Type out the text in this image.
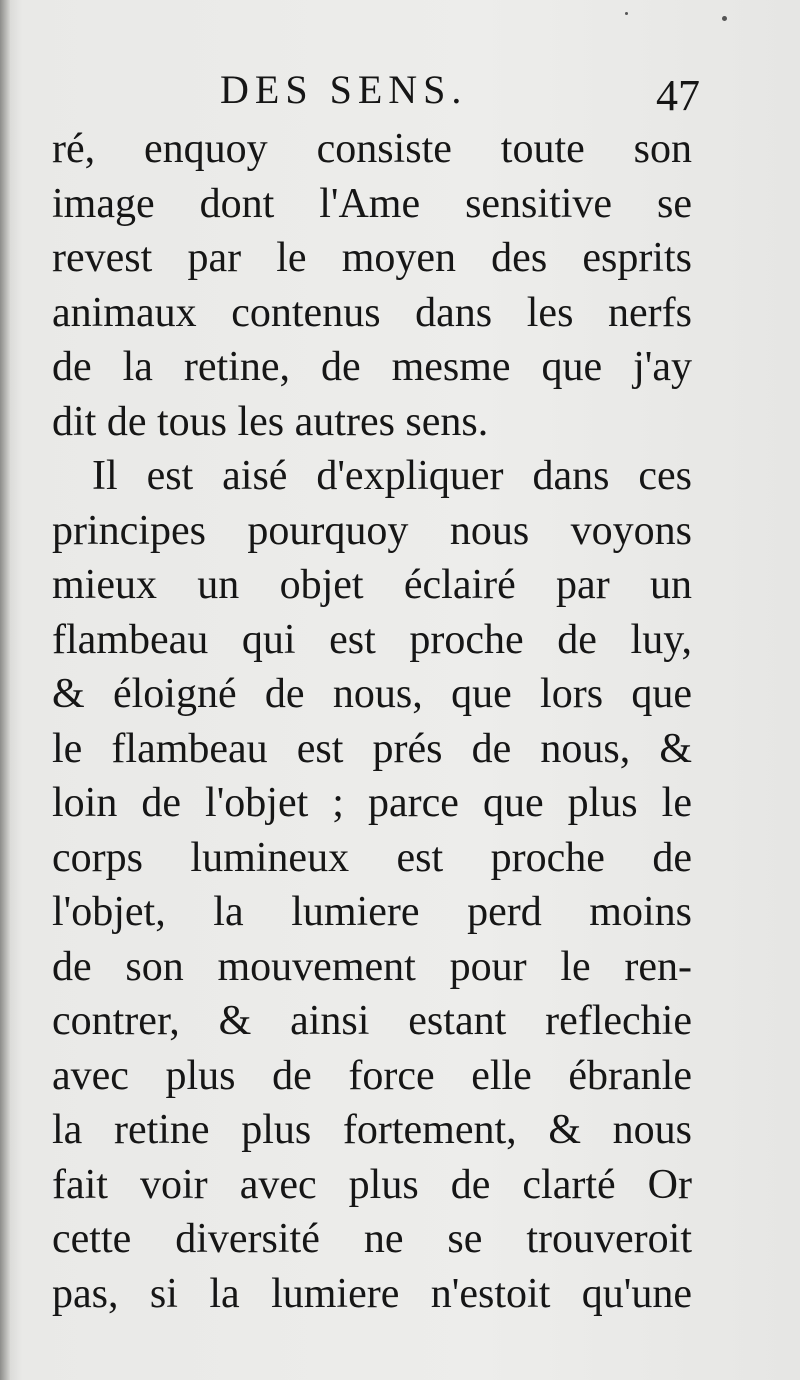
DES SENS.	47
ré, enquoy consiste toute son
image dont l'Ame sensitive se
revest par le moyen des esprits
animaux contenus dans les nerfs
de la retine, de mesme que j'ay
dit de tous les autres sens.
Il est aisé d'expliquer dans ces
principes pourquoy nous voyons
mieux un objet éclairé par un
flambeau qui est proche de luy,
& éloigné de nous, que lors que
le flambeau est prés de nous, &
loin de l'objet ; parce que plus le
corps lumineux est proche de
l'objet, la lumiere perd moins
de son mouvement pour le ren-
contrer, & ainsi estant reflechie
avec plus de force elle ébranle
la retine plus fortement, & nous
fait voir avec plus de clarté Or
cette diversité ne se trouveroit
pas, si la lumiere n'estoit qu'une
